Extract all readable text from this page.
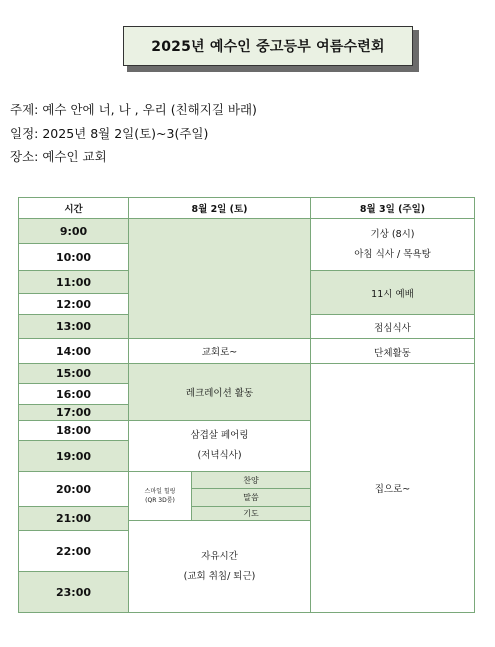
2025년 예수인 중고등부 여름수련회
주제: 예수 안에 너, 나 , 우리 (친해지길 바래)
일정: 2025년 8월 2일(토)~3(주일)
장소: 예수인 교회
시간	8월 2일 (토)		8월 3일 (주일)
9:00			기상 (8시)
아침 식사 / 목욕탕

10:00			
11:00			11시 예배
12:00			
13:00			점심식사
14:00	교회로~		단체활동
15:00	레크레이션 활동		집으로~
16:00			
17:00			
18:00	삼겹살 페어링
(저녁식사)		

19:00			

20:00	스마일 힐링
(QR 3D룸)	찬양	
		말씀	
21:00		기도	

	자유시간
(교회 취침/ 퇴근)		

22:00			
23:00			
